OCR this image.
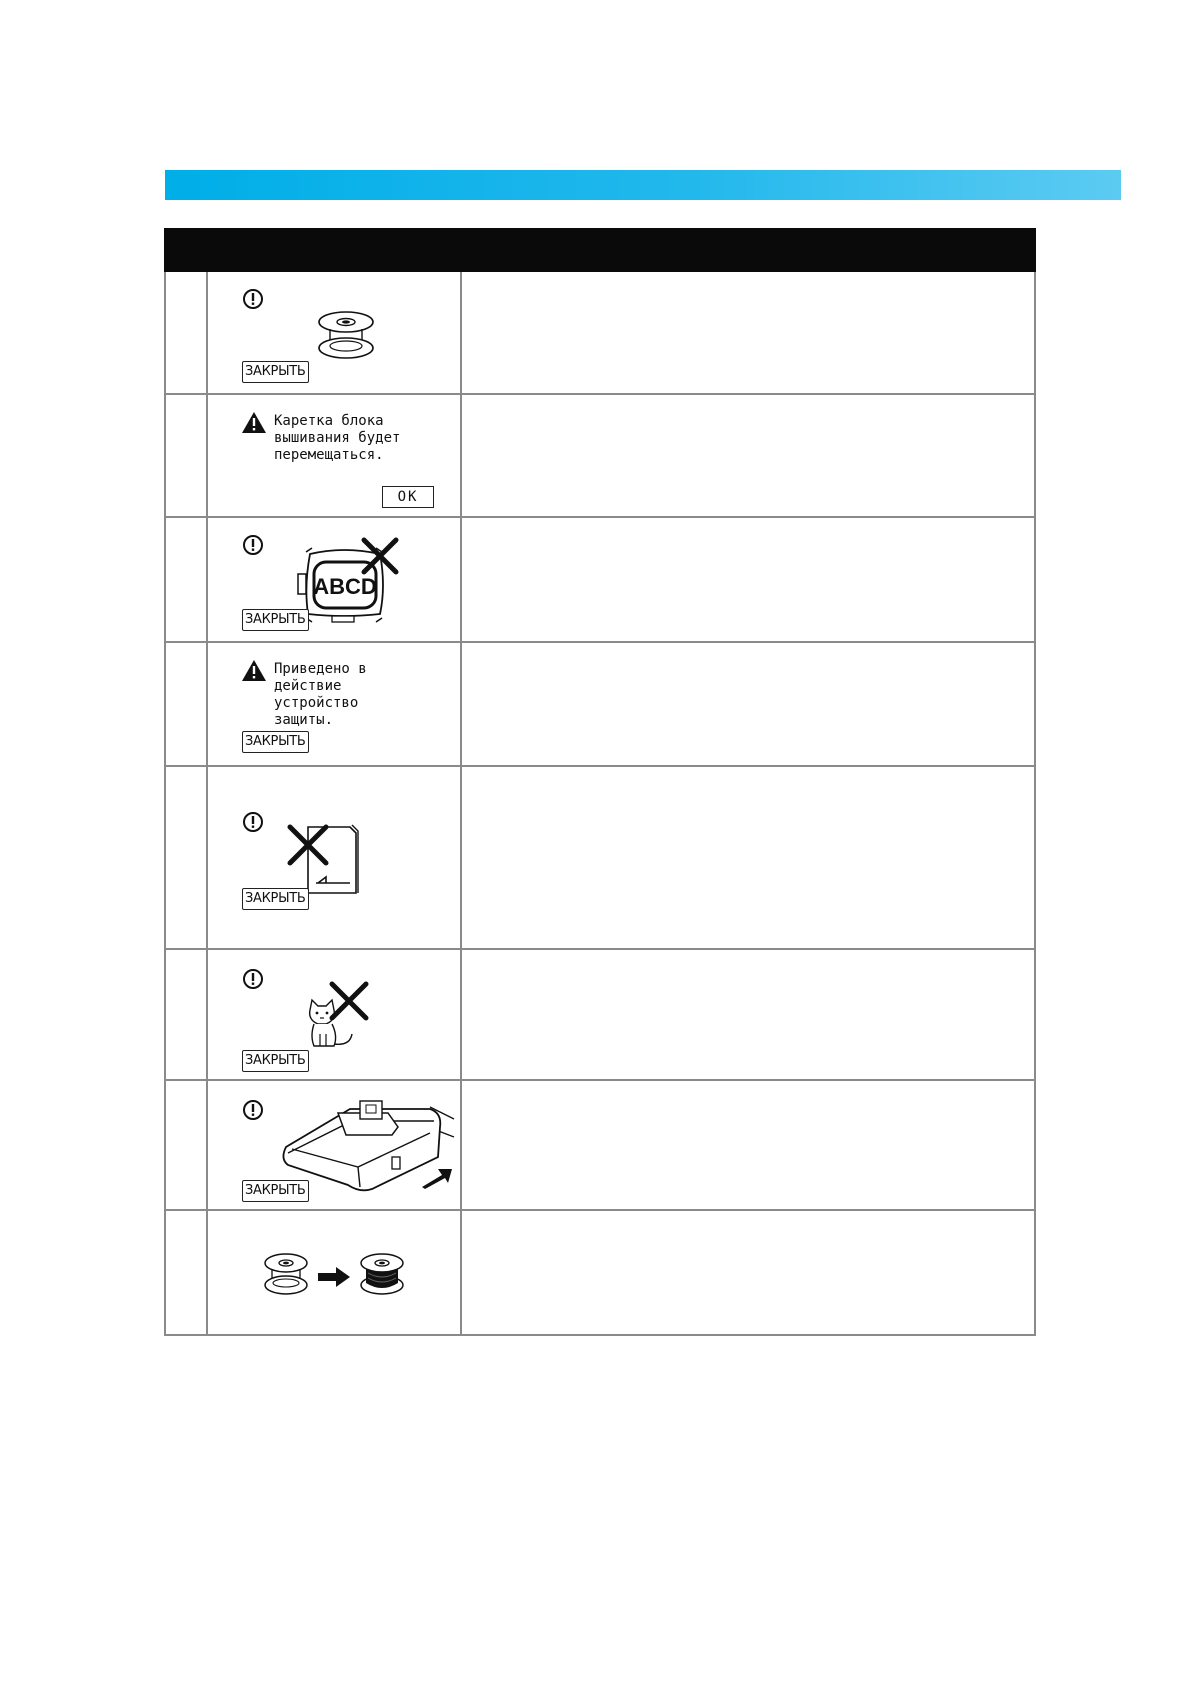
	ЗАКРЫТЬ	

	Каретка блока
вышивания будет
перемещаться.
OK	

ABCD
ЗАКРЫТЬ	

	Приведено в
действие
устройство
защиты.
ЗАКРЫТЬ	

	ЗАКРЫТЬ	

	ЗАКРЫТЬ	

	ЗАКРЫТЬ	
